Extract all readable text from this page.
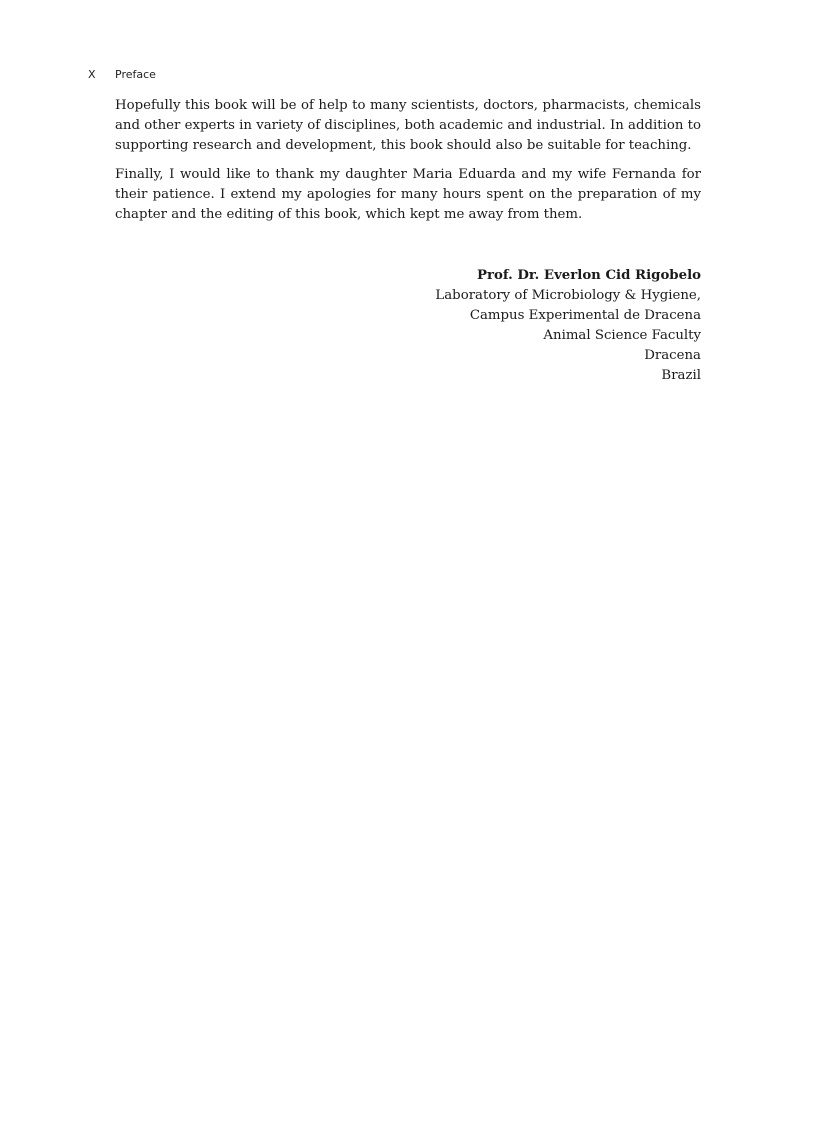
X Preface

Hopefully this book will be of help to many scientists, doctors, pharmacists, chemicals and other experts in variety of disciplines, both academic and industrial. In addition to supporting research and development, this book should also be suitable for teaching.

Finally, I would like to thank my daughter Maria Eduarda and my wife Fernanda for their patience. I extend my apologies for many hours spent on the preparation of my chapter and the editing of this book, which kept me away from them.

Prof. Dr. Everlon Cid Rigobelo
Laboratory of Microbiology & Hygiene,
Campus Experimental de Dracena
Animal Science Faculty
Dracena
Brazil
